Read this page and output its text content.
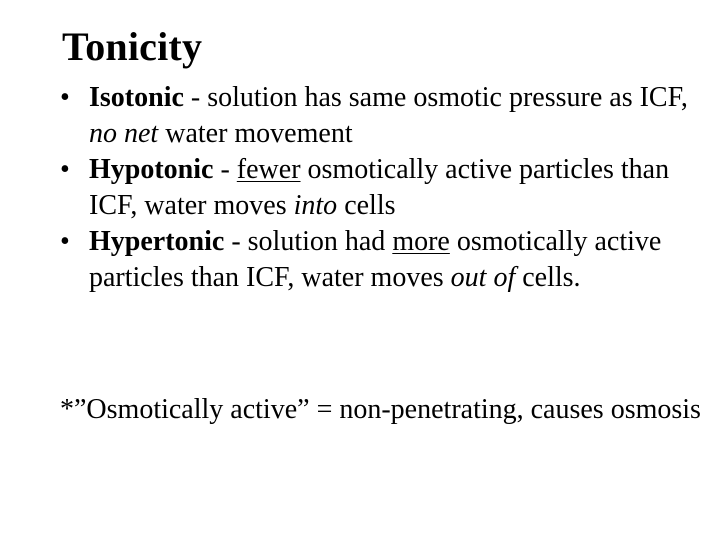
Tonicity
• Isotonic - solution has same osmotic pressure as ICF, no net water movement
• Hypotonic - fewer osmotically active particles than ICF, water moves into cells
• Hypertonic - solution had more osmotically active particles than ICF, water moves out of cells.

*”Osmotically active” = non-penetrating, causes osmosis
